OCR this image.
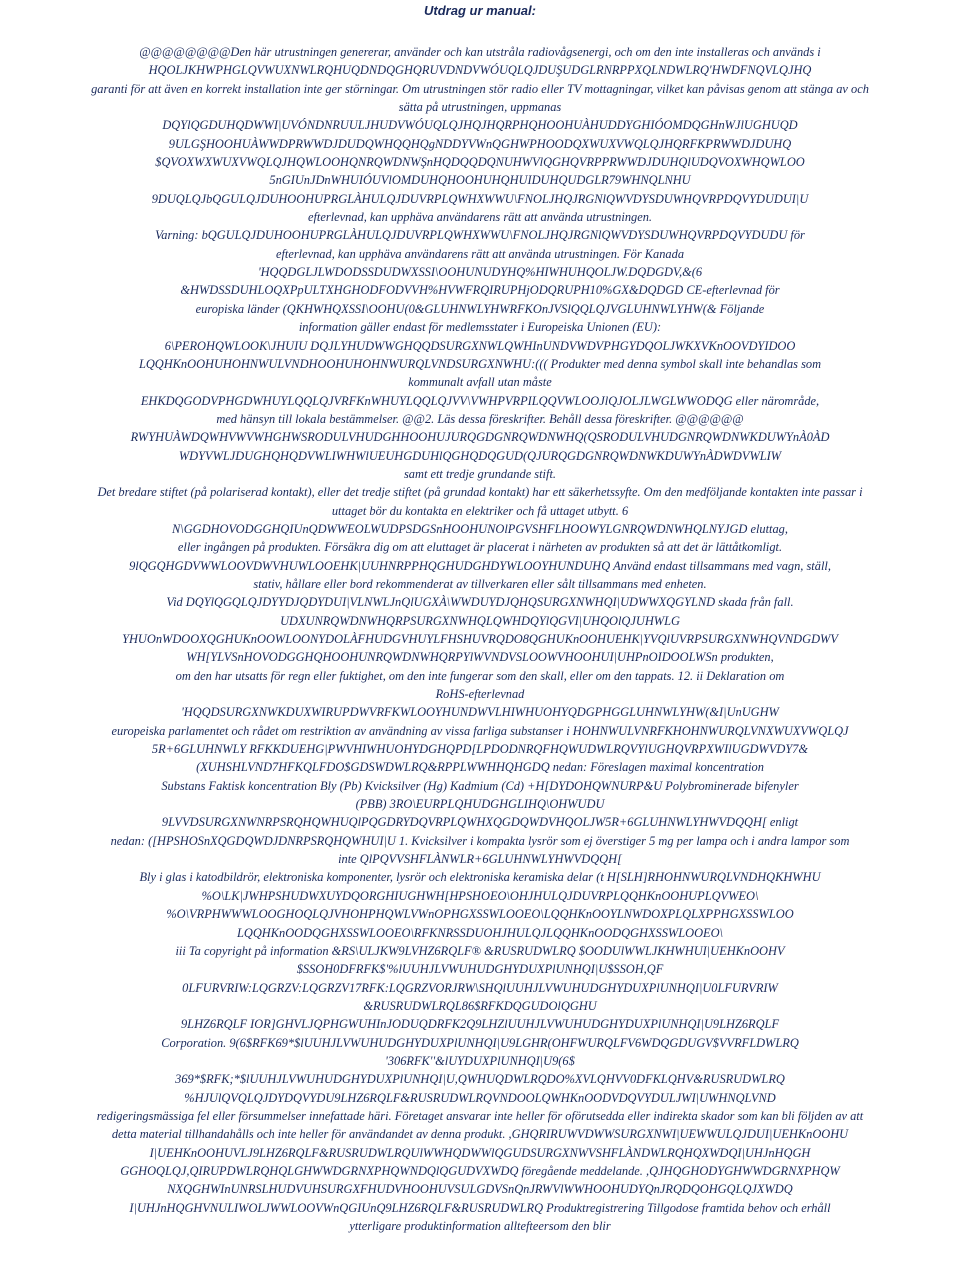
Utdrag ur manual:
@@@@@@@@Den här utrustningen genererar, använder och kan utstråla radiovågsenergi, och om den inte installeras och används i
HQOLJKHWPHGLQVWUXNWLRQHUQDNDQGHQRUVDNDVWÓUQLQJDUŞUDGLRNRPPXQLNDWLRQ'HWDFNQVLQJHQ
garanti för att även en korrekt installation inte ger störningar. Om utrustningen stör radio eller TV mottagningar, vilket kan påvisas genom att stänga av och
sätta på utrustningen, uppmanas
DQYlQGDUHQDWWI|UVÓNDNRUULJHUDVWÓUQLQJHQJHQRPHQHOOHUÀHUDDYGHIÓOMDQGHnWJlUGHUQD
9ULGŞHOOHUÀWWDPRWWDJDUDQWHQQHQgNDDYVWnQGHWPHOODQXWUXVWQLQJHQRFKPRWWDJDUHQ
$QVOXWXWUXVWQLQJHQWLOOHQNRQWDNWŞnHQDQQDQNUHWVlQGHQVRPPRWWDJDUHQlUDQVOXWHQWLOO
5nGIUnJDnWHUIÓUVlOMDUHQHOOHUHQHUIDUHQUDGLR79WHNQLNHU
9DUQLQJbQGULQJDUHOOHUPRGLÀHULQJDUVRPLQWHXWWU\FNOLJHQJRGNlQWVDYSDUWHQVRPDQVYDUDUI|U
efterlevnad, kan upphäva användarens rätt att använda utrustningen.
Varning: bQGULQJDUHOOHUPRGLÀHULQJDUVRPLQWHXWWU\FNOLJHQJRGNlQWVDYSDUWHQVRPDQVYDUDU för
efterlevnad, kan upphäva användarens rätt att använda utrustningen. För Kanada
'HQQDGLJLWDODSSDUDWXSSI\OOHUNUDYHQ%HIWHUHQOLJW.DQDGDV,&(6
&HWDSSDUHLOQXPpULTXHGHODFODVVH%HVWFRQIRUPHjODQRUPH10%GX&DQDGD CE-efterlevnad för
europiska länder (QKHWHQXSSI\OOHU(0&GLUHNWLYHWRFKOnJVSlQQLQJVGLUHNWLYHW(& Följande
information gäller endast för medlemsstater i Europeiska Unionen (EU):
6\PEROHQWLOOK\JHUIU DQJLYHUDWWGHQQDSURGXNWLQWHInUNDVWDVPHGYDQOLJWKXVKnOOVDYIDOO
LQQHKnOOHUHOHNWULVNDHOOHUHOHNWURQLVNDSURGXNWHU:((( Produkter med denna symbol skall inte behandlas som
kommunalt avfall utan måste
EHKDQGODVPHGDWHUYLQQLQJVRFKnWHUYLQQLQJVV\VWHPVRPILQQVWLOOJlQJOLJLWGLWWODQG eller närområde,
med hänsyn till lokala bestämmelser. @@2. Läs dessa föreskrifter. Behåll dessa föreskrifter. @@@@@@
RWYHUÀWDQWHVWVWHGHWSRODULVHUDGHHOOHUJURQGDGNRQWDNWHQ(QSRODULVHUDGNRQWDNWKDUWYnÀ0ÀD
WDYVWLJDUGHQHQDVWLIWHWlUEUHGDUHlQGHQDQGUD(QJURQGDGNRQWDNWKDUWYnÀDWDVWLIW
samt ett tredje grundande stift.
Det bredare stiftet (på polariserad kontakt), eller det tredje stiftet (på grundad kontakt) har ett säkerhetssyfte. Om den medföljande kontakten inte passar i
uttaget bör du kontakta en elektriker och få uttaget utbytt. 6
N\GGDHOVODGGHQIUnQDWWEOLWUDPSDGSnHOOHUNOlPGVSHFLHOOWYLGNRQWDNWHQLNYJGD eluttag,
eller ingången på produkten. Försäkra dig om att eluttaget är placerat i närheten av produkten så att det är lättåtkomligt.
9lQGQHGDVWWLOOVDWVHUWLOOEHK|UUHNRPPHQGHUDGHDYWLOOYHUNDUHQ Använd endast tillsammans med vagn, ställ,
stativ, hållare eller bord rekommenderat av tillverkaren eller sålt tillsammans med enheten.
Vid DQYlQGQLQJDYYDJQDYDUI|VLNWLJnQlUGXÀ\WWDUYDJQHQSURGXNWHQI|UDWWXQGYLND skada från fall.
UDXUNRQWDNWHQRPSURGXNWHQLQWHDQYlQGVI|UHQOlQJUHWLG
YHUOnWDOOXQGHUKnOOWLOONYDOLÀFHUDGVHUYLFHSHUVRQDO8QGHUKnOOHUEHK|YVQlUVRPSURGXNWHQVNDGDWV
WH[YLVSnHOVODGGHQHOOHUNRQWDNWHQRPYlWVNDVSLOOWVHOOHUI|UHPnOIDOOLWSn produkten,
om den har utsatts för regn eller fuktighet, om den inte fungerar som den skall, eller om den tappats. 12. ii Deklaration om
RoHS-efterlevnad
'HQQDSURGXNWKDUXWIRUPDWVRFKWLOOYHUNDWVLHIWHUOHYQDGPHGGLUHNWLYHW(&I|UnUGHW
europeiska parlamentet och rådet om restriktion av användning av vissa farliga substanser i HOHNWULVNRFKHOHNWURQLVNXWUXVWQLQJ
5R+6GLUHNWLY RFKKDUEHG|PWVHIWHUOHYDGHQPD[LPDODNRQFHQWUDWLRQVYlUGHQVRPXWIlUGDWVDY7&
(XUHSHLVND7HFKQLFDO$GDSWDWLRQ&RPPLWWHHQHGDQ nedan: Föreslagen maximal koncentration
Substans Faktisk koncentration Bly (Pb) Kvicksilver (Hg) Kadmium (Cd) +H[DYDOHQWNURP&U Polybrominerade bifenyler
(PBB) 3RO\EURPLQHUDGHGLIHQ\OHWUDU
9LVVDSURGXNWNRPSRQHQWHUQlPQGDRYDQVRPLQWHXQGDQWDVHQOLJW5R+6GLUHNWLYHWVDQQH[ enligt
nedan: ([HPSHOSnXQGDQWDJDNRPSRQHQWHUI|U 1. Kvicksilver i kompakta lysrör som ej överstiger 5 mg per lampa och i andra lampor som
inte QlPQVVSHFLÀNWLR+6GLUHNWLYHWVDQQH[
Bly i glas i katodbildrör, elektroniska komponenter, lysrör och elektroniska keramiska delar (t H[SLH]RHOHNWURQLVNDHQKHWHU
%O\LK|JWHPSHUDWXUYDQORGHIUGHWH[HPSHOEO\OHJHULQJDUVRPLQQHKnOOHUPLQVWEO\
%O\VRPHWWWLOOGHOQLQJVHOHPHQWLVWnOPHGXSSWLOOEO\LQQHKnOOYLNWDOXPLQLXPPHGXSSWLOO
LQQHKnOODQGHXSSWLOOEO\RFKNRSSDUOHJHULQJLQQHKnOODQGHXSSWLOOEO\
iii Ta copyright på information &RS\ULJKW9LVHZ6RQLF® &RUSRUDWLRQ $OODUlWWLJKHWHUI|UEHKnOOHV
$SSOH0DFRFK$'%lUUHJLVWUHUDGHYDUXPlUNHQI|U$SSOH,QF
0LFURVRIW:LQGRZV:LQGRZV17RFK:LQGRZVORJRW\SHQlUUHJLVWUHUDGHYDUXPlUNHQI|U0LFURVRIW
&RUSRUDWLRQL86$RFKDQGUDOlQGHU
9LHZ6RQLF IOR]GHVLJQPHGWUHInJODUQDRFK2Q9LHZlUUHJLVWUHUDGHYDUXPlUNHQI|U9LHZ6RQLF
Corporation. 9(6$RFK69*$lUUHJLVWUHUDGHYDUXPlUNHQI|U9LGHR(OHFWURQLFV6WDQGDUGV$VVRFLDWLRQ
'306RFK''&lUYDUXPlUNHQI|U9(6$
369*$RFK;*$lUUHJLVWUHUDGHYDUXPlUNHQI|U,QWHUQDWLRQDO%XVLQHVV0DFKLQHV&RUSRUDWLRQ
%HJUlQVQLQJDYDQVYDU9LHZ6RQLF&RUSRUDWLRQVNDOOLQWHKnOODVDQVYDULJWI|UWHNQLVND
redigeringsmässiga fel eller försummelser innefattade häri. Företaget ansvarar inte heller för oförutsedda eller indirekta skador som kan bli följden av att
detta material tillhandahålls och inte heller för användandet av denna produkt. ,GHQRIRUWVDWWSURGXNWI|UEWWULQJDUI|UEHKnOOHU
I|UEHKnOOHUVLJ9LHZ6RQLF&RUSRUDWLRQUlWWHQDWWlQGUDSURGXNWVSHFLÀNDWLRQHQXWDQI|UHJnHQGH
GGHOQLQJ,QIRUPDWLRQHQLGHWWDGRNXPHQWNDQlQGUDVXWDQ föregående meddelande. ,QJHQGHODYGHWWDGRNXPHQW
NXQGHWInUNRSLHUDVUHSURGXFHUDVHOOHUVSULGDVSnQnJRWVlWWHOOHUDYQnJRQDQOHGQLQJXWDQ
I|UHJnHQGHVNULIWOLJWWLOOVWnQGIUnQ9LHZ6RQLF&RUSRUDWLRQ Produktregistrering Tillgodose framtida behov och erhåll
ytterligare produktinformation alltefteersom den blir
